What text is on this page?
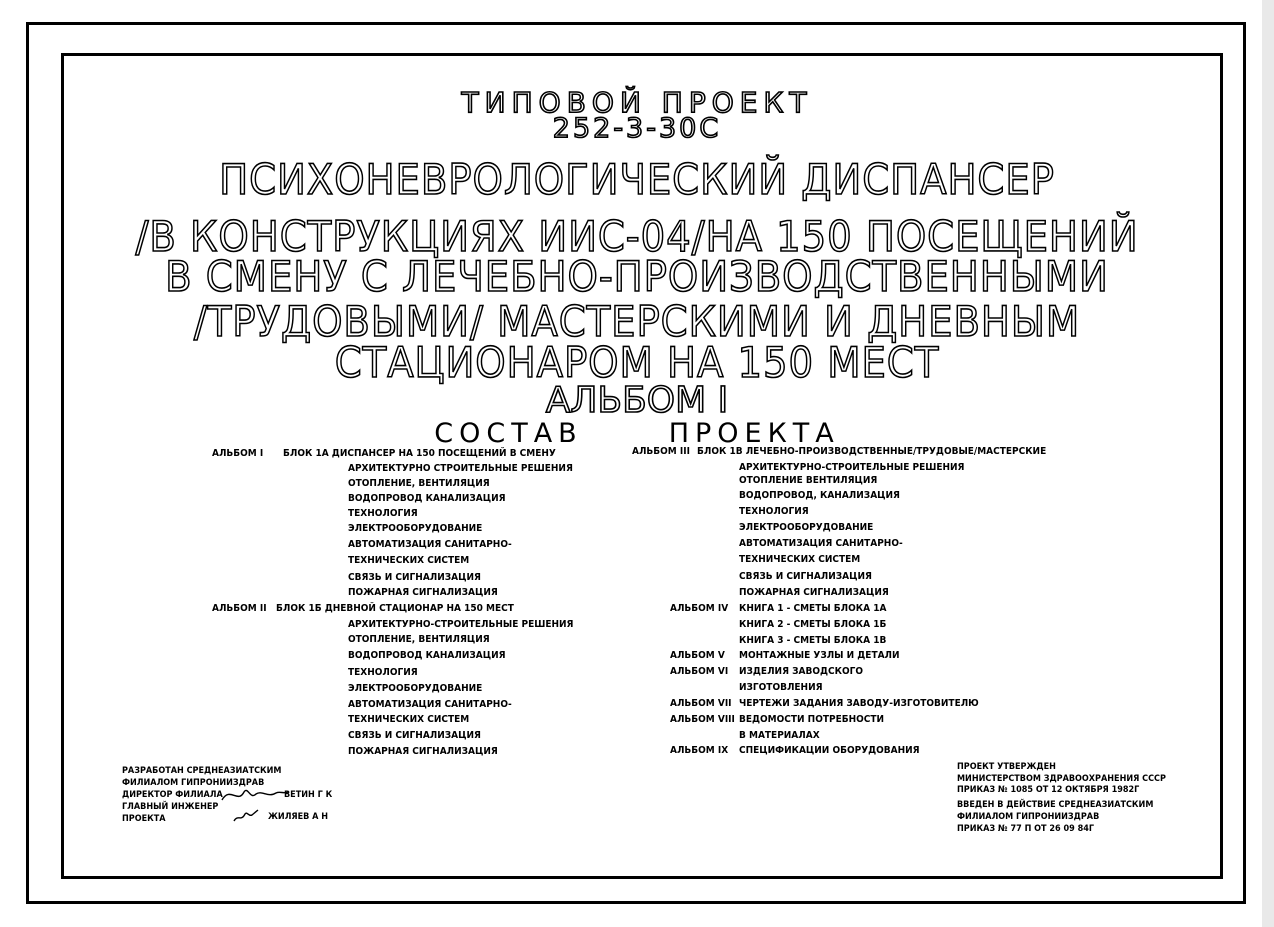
ТИПОВОЙ ПРОЕКТ
252-3-30С
ПСИХОНЕВРОЛОГИЧЕСКИЙ ДИСПАНСЕР
/В КОНСТРУКЦИЯХ ИИС-04/НА 150 ПОСЕЩЕНИЙ
В СМЕНУ С ЛЕЧЕБНО-ПРОИЗВОДСТВЕННЫМИ
/ТРУДОВЫМИ/ МАСТЕРСКИМИ И ДНЕВНЫМ
СТАЦИОНАРОМ НА 150 МЕСТ
АЛЬБОМ I
СОСТАВ	ПРОЕКТА
АЛЬБОМ I БЛОК 1А ДИСПАНСЕР НА 150 ПОСЕЩЕНИЙ В СМЕНУ
АРХИТЕКТУРНО СТРОИТЕЛЬНЫЕ РЕШЕНИЯ
ОТОПЛЕНИЕ, ВЕНТИЛЯЦИЯ
ВОДОПРОВОД КАНАЛИЗАЦИЯ
ТЕХНОЛОГИЯ
ЭЛЕКТРООБОРУДОВАНИЕ
АВТОМАТИЗАЦИЯ САНИТАРНО-
ТЕХНИЧЕСКИХ СИСТЕМ
СВЯЗЬ И СИГНАЛИЗАЦИЯ
ПОЖАРНАЯ СИГНАЛИЗАЦИЯ
АЛЬБОМ II БЛОК 1Б ДНЕВНОЙ СТАЦИОНАР НА 150 МЕСТ
АРХИТЕКТУРНО-СТРОИТЕЛЬНЫЕ РЕШЕНИЯ
ОТОПЛЕНИЕ, ВЕНТИЛЯЦИЯ
ВОДОПРОВОД КАНАЛИЗАЦИЯ
ТЕХНОЛОГИЯ
ЭЛЕКТРООБОРУДОВАНИЕ
АВТОМАТИЗАЦИЯ САНИТАРНО-
ТЕХНИЧЕСКИХ СИСТЕМ
СВЯЗЬ И СИГНАЛИЗАЦИЯ
ПОЖАРНАЯ СИГНАЛИЗАЦИЯ
АЛЬБОМ III БЛОК 1В ЛЕЧЕБНО-ПРОИЗВОДСТВЕННЫЕ/ТРУДОВЫЕ/МАСТЕРСКИЕ
АРХИТЕКТУРНО-СТРОИТЕЛЬНЫЕ РЕШЕНИЯ
ОТОПЛЕНИЕ ВЕНТИЛЯЦИЯ
ВОДОПРОВОД, КАНАЛИЗАЦИЯ
ТЕХНОЛОГИЯ
ЭЛЕКТРООБОРУДОВАНИЕ
АВТОМАТИЗАЦИЯ САНИТАРНО-
ТЕХНИЧЕСКИХ СИСТЕМ
СВЯЗЬ И СИГНАЛИЗАЦИЯ
ПОЖАРНАЯ СИГНАЛИЗАЦИЯ
АЛЬБОМ IV КНИГА 1 - СМЕТЫ БЛОКА 1А
КНИГА 2 - СМЕТЫ БЛОКА 1Б
КНИГА 3 - СМЕТЫ БЛОКА 1В
АЛЬБОМ V МОНТАЖНЫЕ УЗЛЫ И ДЕТАЛИ
АЛЬБОМ VI ИЗДЕЛИЯ ЗАВОДСКОГО
ИЗГОТОВЛЕНИЯ
АЛЬБОМ VII ЧЕРТЕЖИ ЗАДАНИЯ ЗАВОДУ-ИЗГОТОВИТЕЛЮ
АЛЬБОМ VIII ВЕДОМОСТИ ПОТРЕБНОСТИ
В МАТЕРИАЛАХ
АЛЬБОМ IX СПЕЦИФИКАЦИИ ОБОРУДОВАНИЯ
РАЗРАБОТАН СРЕДНЕАЗИАТСКИМ
ФИЛИАЛОМ ГИПРОНИИЗДРАВ
ДИРЕКТОР ФИЛИАЛА	ВЕТИН Г К
ГЛАВНЫЙ ИНЖЕНЕР
ПРОЕКТА	ЖИЛЯЕВ А Н
ПРОЕКТ УТВЕРЖДЕН
МИНИСТЕРСТВОМ ЗДРАВООХРАНЕНИЯ СССР
ПРИКАЗ № 1085 ОТ 12 ОКТЯБРЯ 1982Г
ВВЕДЕН В ДЕЙСТВИЕ СРЕДНЕАЗИАТСКИМ
ФИЛИАЛОМ ГИПРОНИИЗДРАВ
ПРИКАЗ № 77 П ОТ 26 09 84Г
